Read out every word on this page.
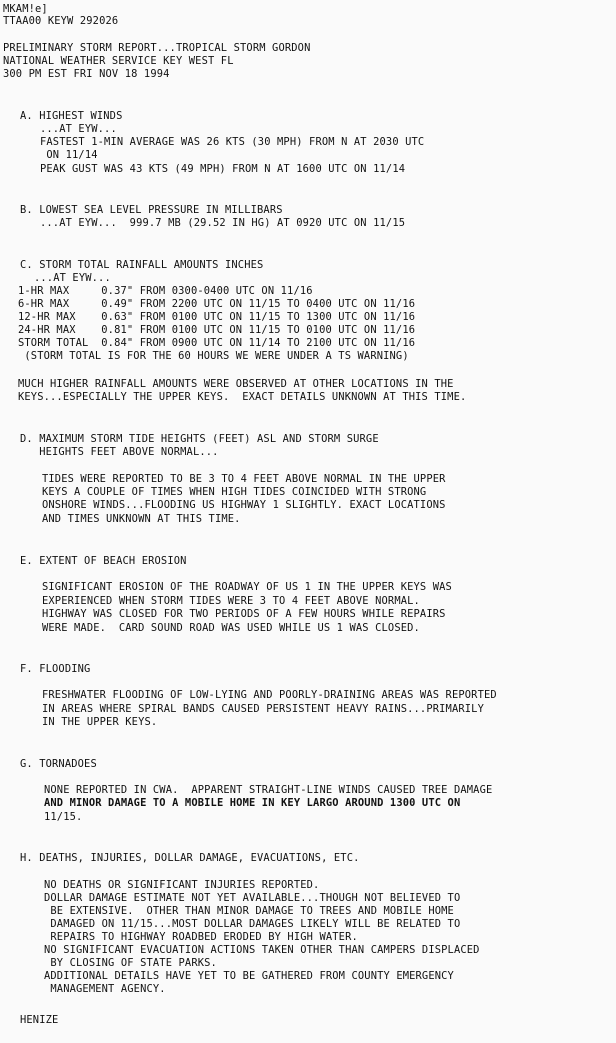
MKAM!e]
TTAA00 KEYW 292026
PRELIMINARY STORM REPORT...TROPICAL STORM GORDON
NATIONAL WEATHER SERVICE KEY WEST FL
300 PM EST FRI NOV 18 1994
A. HIGHEST WINDS
...AT EYW...
FASTEST 1-MIN AVERAGE WAS 26 KTS (30 MPH) FROM N AT 2030 UTC
ON 11/14
PEAK GUST WAS 43 KTS (49 MPH) FROM N AT 1600 UTC ON 11/14
B. LOWEST SEA LEVEL PRESSURE IN MILLIBARS
...AT EYW...  999.7 MB (29.52 IN HG) AT 0920 UTC ON 11/15
C. STORM TOTAL RAINFALL AMOUNTS INCHES
...AT EYW...
1-HR MAX     0.37" FROM 0300-0400 UTC ON 11/16
6-HR MAX     0.49" FROM 2200 UTC ON 11/15 TO 0400 UTC ON 11/16
12-HR MAX    0.63" FROM 0100 UTC ON 11/15 TO 1300 UTC ON 11/16
24-HR MAX    0.81" FROM 0100 UTC ON 11/15 TO 0100 UTC ON 11/16
STORM TOTAL  0.84" FROM 0900 UTC ON 11/14 TO 2100 UTC ON 11/16
(STORM TOTAL IS FOR THE 60 HOURS WE WERE UNDER A TS WARNING)
MUCH HIGHER RAINFALL AMOUNTS WERE OBSERVED AT OTHER LOCATIONS IN THE
KEYS...ESPECIALLY THE UPPER KEYS.  EXACT DETAILS UNKNOWN AT THIS TIME.
D. MAXIMUM STORM TIDE HEIGHTS (FEET) ASL AND STORM SURGE
HEIGHTS FEET ABOVE NORMAL...
TIDES WERE REPORTED TO BE 3 TO 4 FEET ABOVE NORMAL IN THE UPPER
KEYS A COUPLE OF TIMES WHEN HIGH TIDES COINCIDED WITH STRONG
ONSHORE WINDS...FLOODING US HIGHWAY 1 SLIGHTLY. EXACT LOCATIONS
AND TIMES UNKNOWN AT THIS TIME.
E. EXTENT OF BEACH EROSION
SIGNIFICANT EROSION OF THE ROADWAY OF US 1 IN THE UPPER KEYS WAS
EXPERIENCED WHEN STORM TIDES WERE 3 TO 4 FEET ABOVE NORMAL.
HIGHWAY WAS CLOSED FOR TWO PERIODS OF A FEW HOURS WHILE REPAIRS
WERE MADE.  CARD SOUND ROAD WAS USED WHILE US 1 WAS CLOSED.
F. FLOODING
FRESHWATER FLOODING OF LOW-LYING AND POORLY-DRAINING AREAS WAS REPORTED
IN AREAS WHERE SPIRAL BANDS CAUSED PERSISTENT HEAVY RAINS...PRIMARILY
IN THE UPPER KEYS.
G. TORNADOES
NONE REPORTED IN CWA.  APPARENT STRAIGHT-LINE WINDS CAUSED TREE DAMAGE
AND MINOR DAMAGE TO A MOBILE HOME IN KEY LARGO AROUND 1300 UTC ON
11/15.
H. DEATHS, INJURIES, DOLLAR DAMAGE, EVACUATIONS, ETC.
NO DEATHS OR SIGNIFICANT INJURIES REPORTED.
DOLLAR DAMAGE ESTIMATE NOT YET AVAILABLE...THOUGH NOT BELIEVED TO
BE EXTENSIVE.  OTHER THAN MINOR DAMAGE TO TREES AND MOBILE HOME
DAMAGED ON 11/15...MOST DOLLAR DAMAGES LIKELY WILL BE RELATED TO
REPAIRS TO HIGHWAY ROADBED ERODED BY HIGH WATER.
NO SIGNIFICANT EVACUATION ACTIONS TAKEN OTHER THAN CAMPERS DISPLACED
BY CLOSING OF STATE PARKS.
ADDITIONAL DETAILS HAVE YET TO BE GATHERED FROM COUNTY EMERGENCY
MANAGEMENT AGENCY.
HENIZE
